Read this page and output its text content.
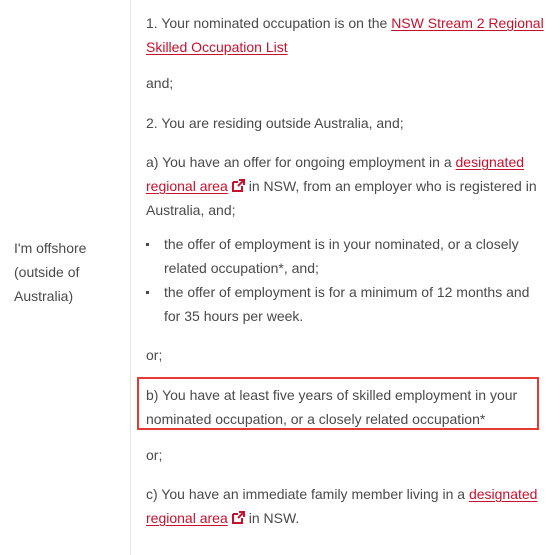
I'm offshore
(outside of
Australia)

1. Your nominated occupation is on the NSW Stream 2 Regional Skilled Occupation List

and;

2. You are residing outside Australia, and;

a) You have an offer for ongoing employment in a designated regional area in NSW, from an employer who is registered in Australia, and;

the offer of employment is in your nominated, or a closely related occupation*, and;
the offer of employment is for a minimum of 12 months and for 35 hours per week.

or;

b) You have at least five years of skilled employment in your nominated occupation, or a closely related occupation*

or;

c) You have an immediate family member living in a designated regional area in NSW.
